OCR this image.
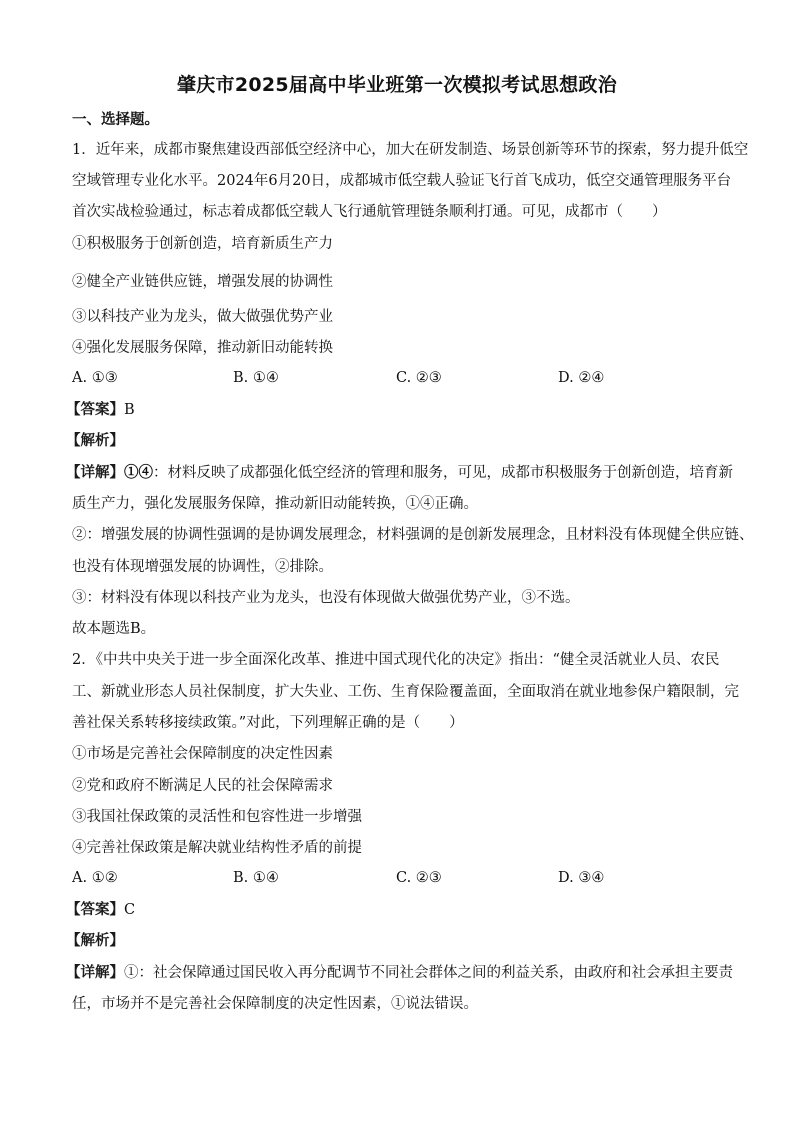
肇庆市2025届高中毕业班第一次模拟考试思想政治
一、选择题。
1．近年来，成都市聚焦建设西部低空经济中心，加大在研发制造、场景创新等环节的探索，努力提升低空
空域管理专业化水平。2024年6月20日，成都城市低空载人验证飞行首飞成功，低空交通管理服务平台
首次实战检验通过，标志着成都低空载人飞行通航管理链条顺利打通。可见，成都市（　　）
①积极服务于创新创造，培育新质生产力
②健全产业链供应链，增强发展的协调性
③以科技产业为龙头，做大做强优势产业
④强化发展服务保障，推动新旧动能转换
A. ①③	B. ①④	C. ②③	D. ②④
【答案】B
【解析】
【详解】①④：材料反映了成都强化低空经济的管理和服务，可见，成都市积极服务于创新创造，培育新
质生产力，强化发展服务保障，推动新旧动能转换，①④正确。
②：增强发展的协调性强调的是协调发展理念，材料强调的是创新发展理念，且材料没有体现健全供应链、
也没有体现增强发展的协调性，②排除。
③：材料没有体现以科技产业为龙头，也没有体现做大做强优势产业，③不选。
故本题选B。
2．《中共中央关于进一步全面深化改革、推进中国式现代化的决定》指出：“健全灵活就业人员、农民
工、新就业形态人员社保制度，扩大失业、工伤、生育保险覆盖面，全面取消在就业地参保户籍限制，完
善社保关系转移接续政策。”对此，下列理解正确的是（　　）
①市场是完善社会保障制度的决定性因素
②党和政府不断满足人民的社会保障需求
③我国社保政策的灵活性和包容性进一步增强
④完善社保政策是解决就业结构性矛盾的前提
A. ①②	B. ①④	C. ②③	D. ③④
【答案】C
【解析】
【详解】①：社会保障通过国民收入再分配调节不同社会群体之间的利益关系，由政府和社会承担主要责
任，市场并不是完善社会保障制度的决定性因素，①说法错误。
